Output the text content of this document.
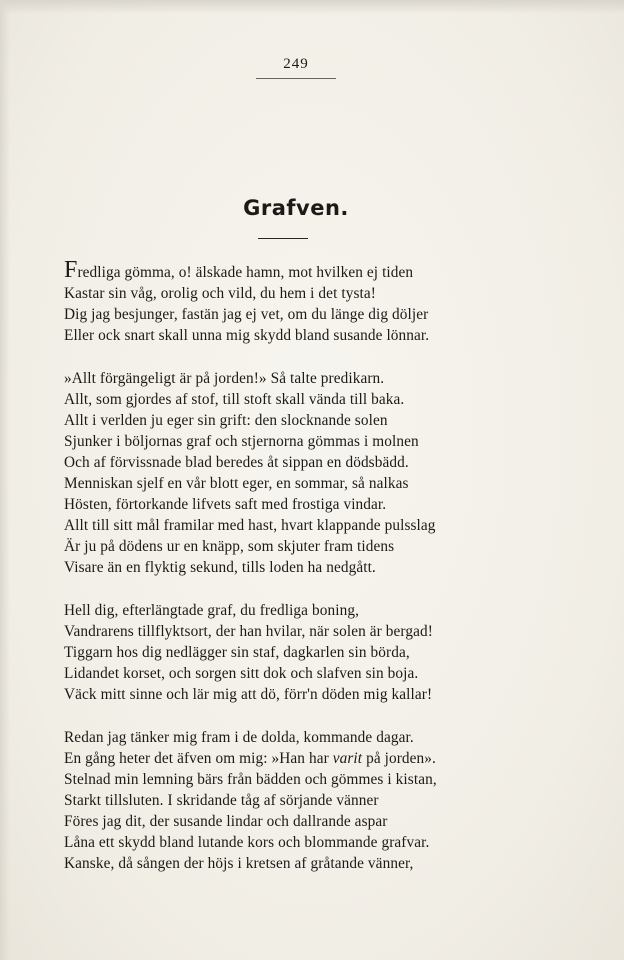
249
Grafven.
Fredliga gömma, o! älskade hamn, mot hvilken ej tiden
Kastar sin våg, orolig och vild, du hem i det tysta!
Dig jag besjunger, fastän jag ej vet, om du länge dig döljer
Eller ock snart skall unna mig skydd bland susande lönnar.
»Allt förgängeligt är på jorden!» Så talte predikarn.
Allt, som gjordes af stof, till stoft skall vända till baka.
Allt i verlden ju eger sin grift: den slocknande solen
Sjunker i böljornas graf och stjernorna gömmas i molnen
Och af förvissnade blad beredes åt sippan en dödsbädd.
Menniskan sjelf en vår blott eger, en sommar, så nalkas
Hösten, förtorkande lifvets saft med frostiga vindar.
Allt till sitt mål framilar med hast, hvart klappande pulsslag
Är ju på dödens ur en knäpp, som skjuter fram tidens
Visare än en flyktig sekund, tills loden ha nedgått.
Hell dig, efterlängtade graf, du fredliga boning,
Vandrarens tillflyktsort, der han hvilar, när solen är bergad!
Tiggarn hos dig nedlägger sin staf, dagkarlen sin börda,
Lidandet korset, och sorgen sitt dok och slafven sin boja.
Väck mitt sinne och lär mig att dö, förr'n döden mig kallar!
Redan jag tänker mig fram i de dolda, kommande dagar.
En gång heter det äfven om mig: »Han har varit på jorden».
Stelnad min lemning bärs från bädden och gömmes i kistan,
Starkt tillsluten. I skridande tåg af sörjande vänner
Föres jag dit, der susande lindar och dallrande aspar
Låna ett skydd bland lutande kors och blommande grafvar.
Kanske, då sången der höjs i kretsen af gråtande vänner,
